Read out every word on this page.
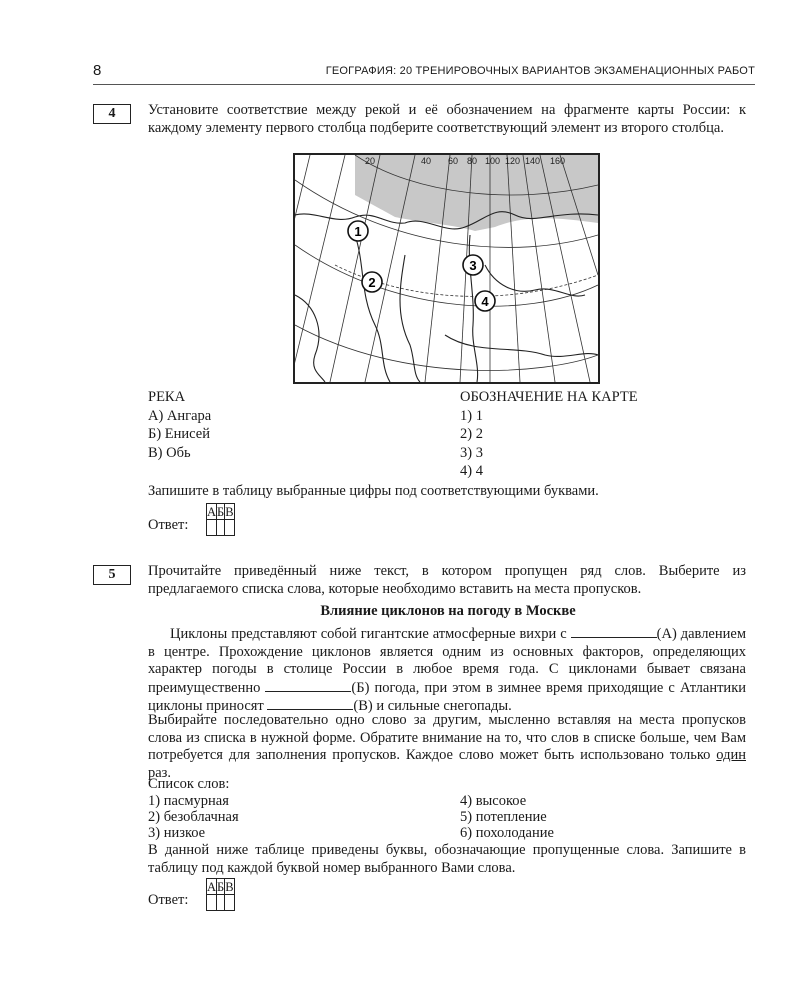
8	ГЕОГРАФИЯ: 20 ТРЕНИРОВОЧНЫХ ВАРИАНТОВ ЭКЗАМЕНАЦИОННЫХ РАБОТ
4	Установите соответствие между рекой и её обозначением на фрагменте карты России: к каждому элементу первого столбца подберите соответствующий элемент из второго столбца.
1
2
3
4
20	40 60 80 100 120 140 160
РЕКА	ОБОЗНАЧЕНИЕ НА КАРТЕ
А) Ангара	1) 1
Б) Енисей	2) 2
В) Обь	3) 3
4) 4
Запишите в таблицу выбранные цифры под соответствующими буквами.
Ответ:
А	Б	В

5	Прочитайте приведённый ниже текст, в котором пропущен ряд слов. Выберите из предлагаемого списка слова, которые необходимо вставить на места пропусков.
Влияние циклонов на погоду в Москве
Циклоны представляют собой гигантские атмосферные вихри с	(А) давлением в центре. Прохождение циклонов является одним из основных факторов, определяющих характер погоды в столице России в любое время года. С циклонами бывает связана преимущественно	(Б) погода, при этом в зимнее время приходящие с Атлантики циклоны приносят	(В) и сильные снегопады.
Выбирайте последовательно одно слово за другим, мысленно вставляя на места пропусков слова из списка в нужной форме. Обратите внимание на то, что слов в списке больше, чем Вам потребуется для заполнения пропусков. Каждое слово может быть использовано только один раз.
Список слов:
1) пасмурная	4) высокое
2) безоблачная	5) потепление
3) низкое	6) похолодание
В данной ниже таблице приведены буквы, обозначающие пропущенные слова. Запишите в таблицу под каждой буквой номер выбранного Вами слова.
Ответ:
А	Б	В
